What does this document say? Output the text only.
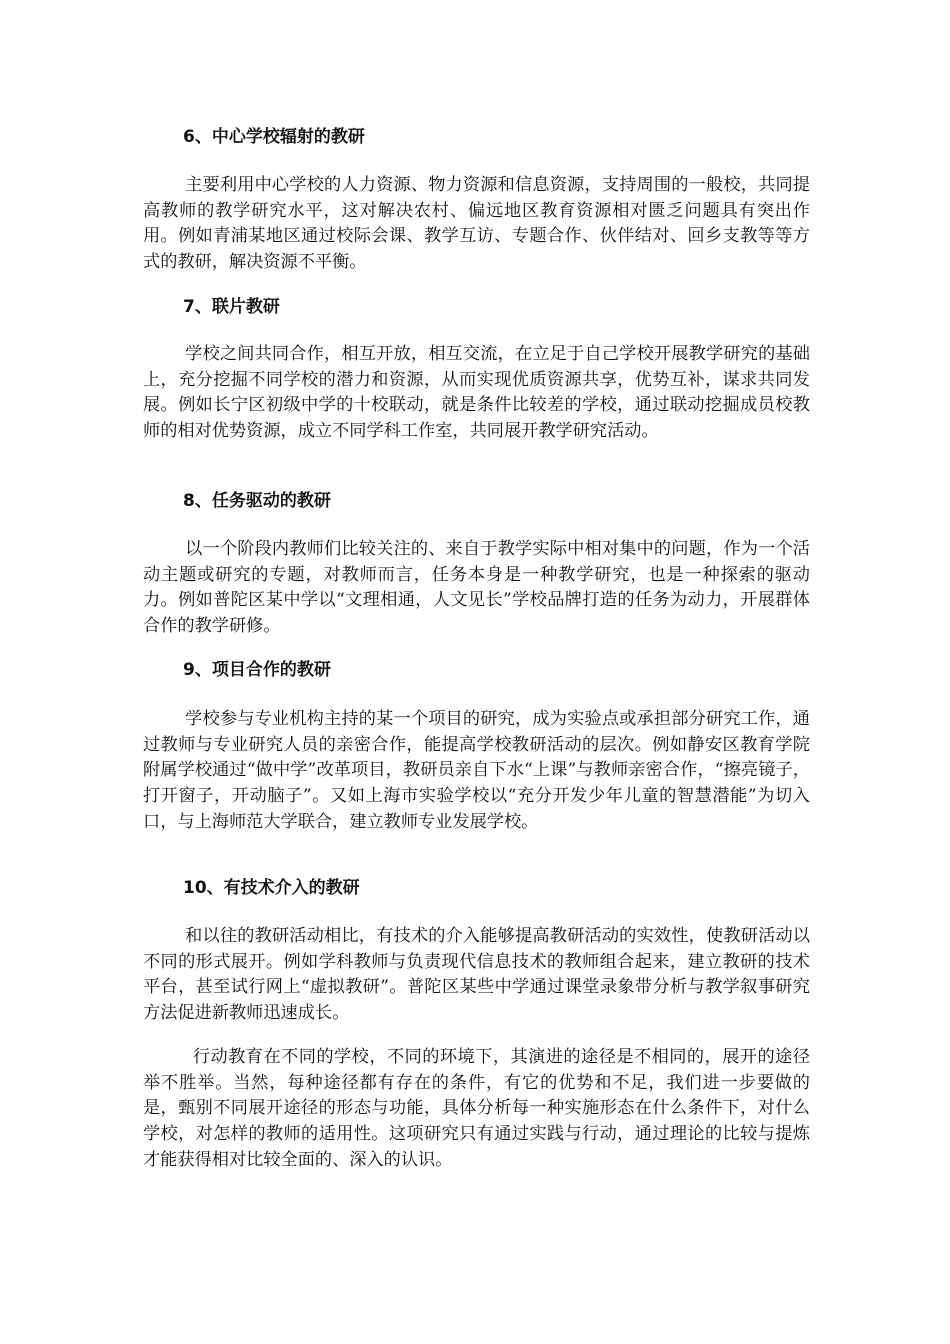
6、中心学校辐射的教研

主要利用中心学校的人力资源、物力资源和信息资源，支持周围的一般校，共同提高教师的教学研究水平，这对解决农村、偏远地区教育资源相对匮乏问题具有突出作用。例如青浦某地区通过校际会课、教学互访、专题合作、伙伴结对、回乡支教等等方式的教研，解决资源不平衡。

7、联片教研

学校之间共同合作，相互开放，相互交流，在立足于自己学校开展教学研究的基础上，充分挖掘不同学校的潜力和资源，从而实现优质资源共享，优势互补，谋求共同发展。例如长宁区初级中学的十校联动，就是条件比较差的学校，通过联动挖掘成员校教师的相对优势资源，成立不同学科工作室，共同展开教学研究活动。

8、任务驱动的教研

以一个阶段内教师们比较关注的、来自于教学实际中相对集中的问题，作为一个活动主题或研究的专题，对教师而言，任务本身是一种教学研究，也是一种探索的驱动力。例如普陀区某中学以“文理相通，人文见长”学校品牌打造的任务为动力，开展群体合作的教学研修。

9、项目合作的教研

学校参与专业机构主持的某一个项目的研究，成为实验点或承担部分研究工作，通过教师与专业研究人员的亲密合作，能提高学校教研活动的层次。例如静安区教育学院附属学校通过“做中学”改革项目，教研员亲自下水“上课”与教师亲密合作，“擦亮镜子，打开窗子，开动脑子”。又如上海市实验学校以“充分开发少年儿童的智慧潜能”为切入口，与上海师范大学联合，建立教师专业发展学校。

10、有技术介入的教研

和以往的教研活动相比，有技术的介入能够提高教研活动的实效性，使教研活动以不同的形式展开。例如学科教师与负责现代信息技术的教师组合起来，建立教研的技术平台，甚至试行网上“虚拟教研”。普陀区某些中学通过课堂录象带分析与教学叙事研究方法促进新教师迅速成长。

行动教育在不同的学校，不同的环境下，其演进的途径是不相同的，展开的途径举不胜举。当然，每种途径都有存在的条件，有它的优势和不足，我们进一步要做的是，甄别不同展开途径的形态与功能，具体分析每一种实施形态在什么条件下，对什么学校，对怎样的教师的适用性。这项研究只有通过实践与行动，通过理论的比较与提炼才能获得相对比较全面的、深入的认识。
